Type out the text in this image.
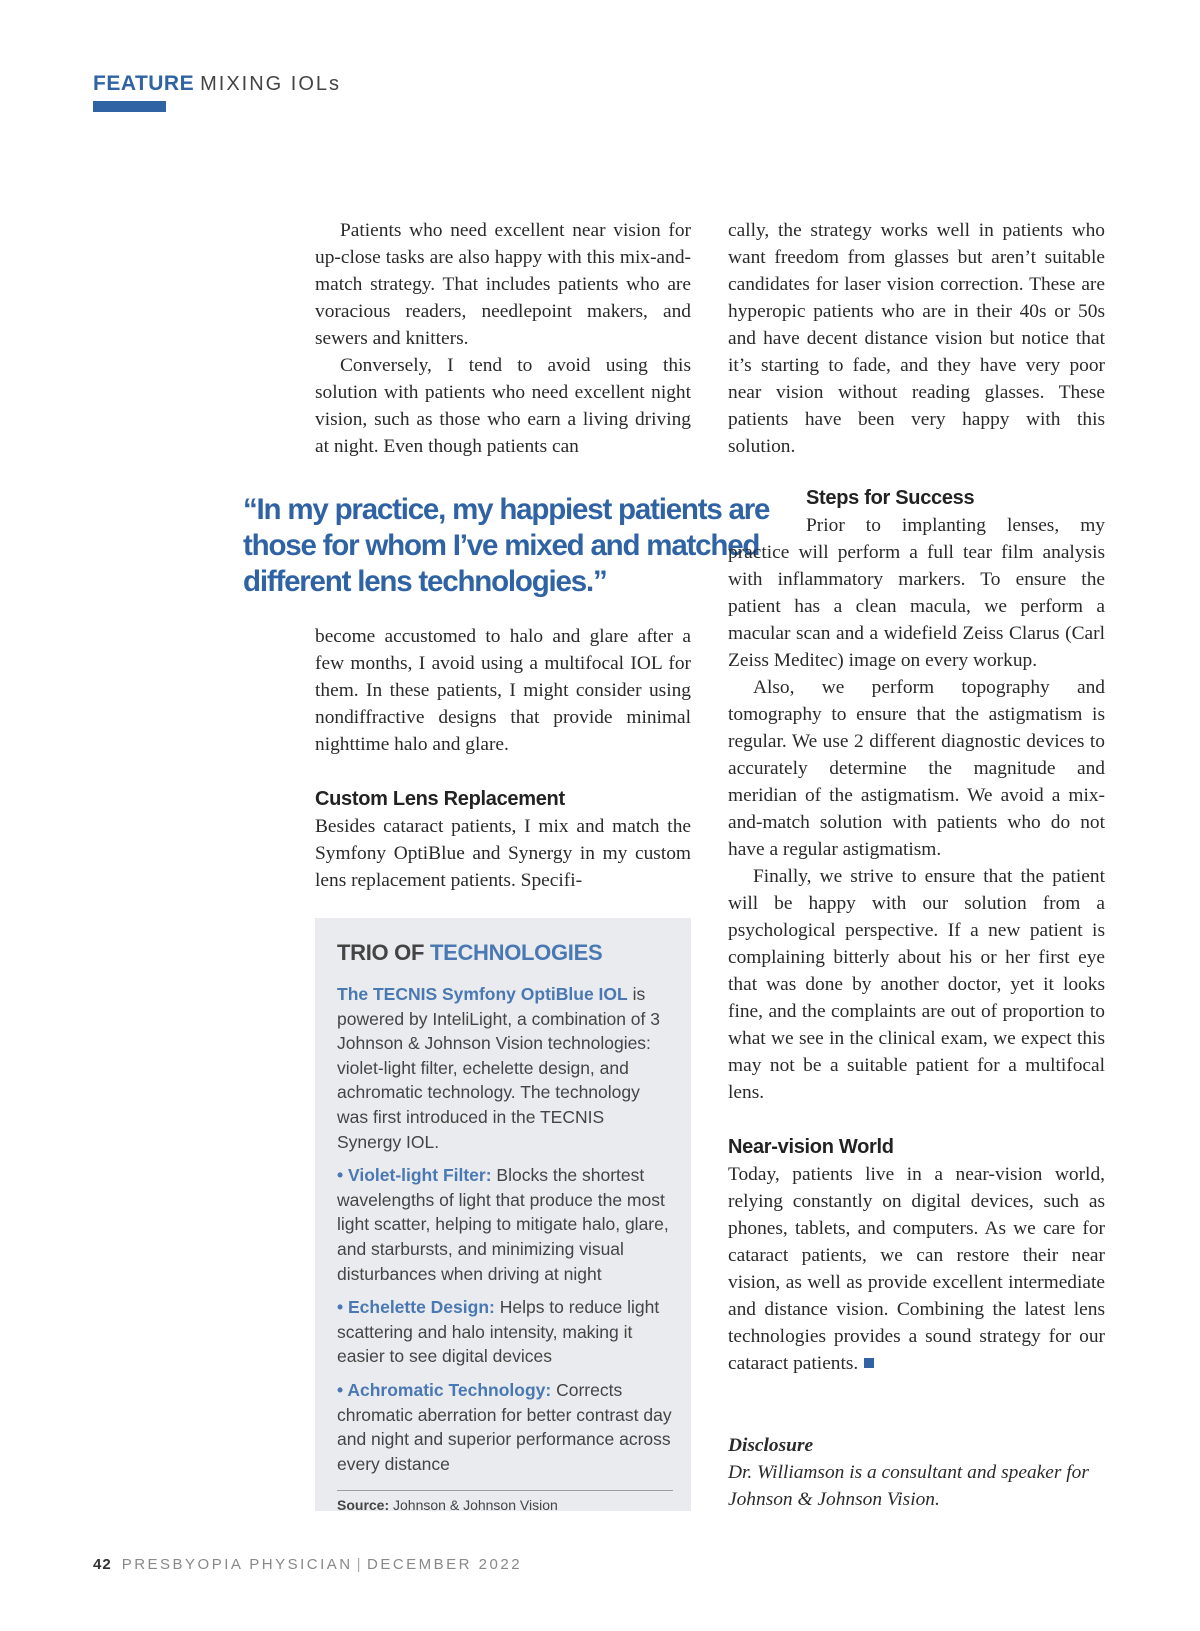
FEATURE MIXING IOLs

Patients who need excellent near vision for up-close tasks are also happy with this mix-and-match strategy. That includes patients who are voracious readers, needlepoint makers, and sewers and knitters.

Conversely, I tend to avoid using this solution with patients who need excellent night vision, such as those who earn a living driving at night. Even though patients can

“In my practice, my happiest patients are those for whom I’ve mixed and matched different lens technologies.”

become accustomed to halo and glare after a few months, I avoid using a multifocal IOL for them. In these patients, I might consider using nondiffractive designs that provide minimal nighttime halo and glare.

Custom Lens Replacement

Besides cataract patients, I mix and match the Symfony OptiBlue and Synergy in my custom lens replacement patients. Specifi-

TRIO OF TECHNOLOGIES

The TECNIS Symfony OptiBlue IOL is powered by InteliLight, a combination of 3 Johnson & Johnson Vision technologies: violet-light filter, echelette design, and achromatic technology. The technology was first introduced in the TECNIS Synergy IOL.

• Violet-light Filter: Blocks the shortest wavelengths of light that produce the most light scatter, helping to mitigate halo, glare, and starbursts, and minimizing visual disturbances when driving at night

• Echelette Design: Helps to reduce light scattering and halo intensity, making it easier to see digital devices

• Achromatic Technology: Corrects chromatic aberration for better contrast day and night and superior performance across every distance

Source: Johnson & Johnson Vision

cally, the strategy works well in patients who want freedom from glasses but aren’t suitable candidates for laser vision correction. These are hyperopic patients who are in their 40s or 50s and have decent distance vision but notice that it’s starting to fade, and they have very poor near vision without reading glasses. These patients have been very happy with this solution.

Steps for Success

Prior to implanting lenses, my practice will perform a full tear film analysis with inflammatory markers. To ensure the patient has a clean macula, we perform a macular scan and a widefield Zeiss Clarus (Carl Zeiss Meditec) image on every workup.

Also, we perform topography and tomography to ensure that the astigmatism is regular. We use 2 different diagnostic devices to accurately determine the magnitude and meridian of the astigmatism. We avoid a mix-and-match solution with patients who do not have a regular astigmatism.

Finally, we strive to ensure that the patient will be happy with our solution from a psychological perspective. If a new patient is complaining bitterly about his or her first eye that was done by another doctor, yet it looks fine, and the complaints are out of proportion to what we see in the clinical exam, we expect this may not be a suitable patient for a multifocal lens.

Near-vision World

Today, patients live in a near-vision world, relying constantly on digital devices, such as phones, tablets, and computers. As we care for cataract patients, we can restore their near vision, as well as provide excellent intermediate and distance vision. Combining the latest lens technologies provides a sound strategy for our cataract patients.

Disclosure
Dr. Williamson is a consultant and speaker for Johnson & Johnson Vision.
42 PRESBYOPIA PHYSICIAN | DECEMBER 2022
